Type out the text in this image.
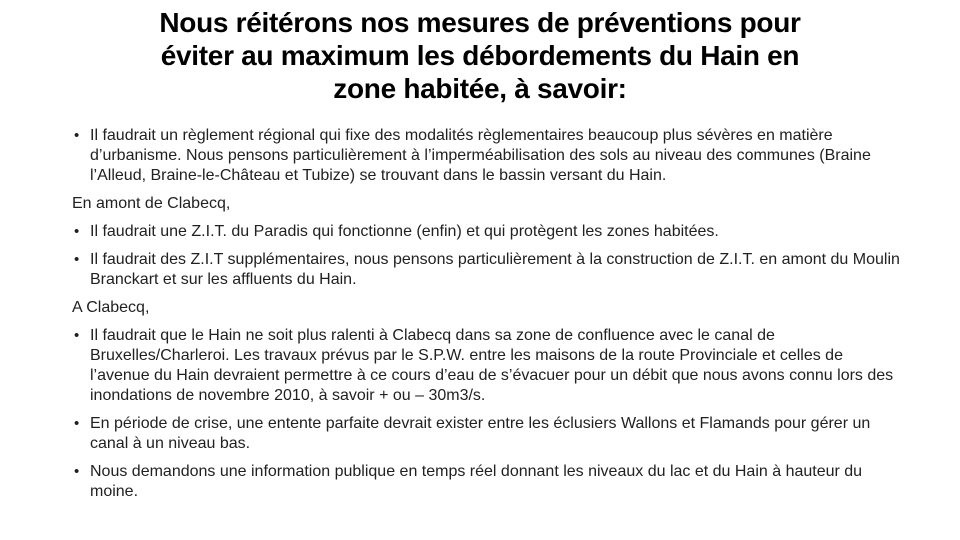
Nous réitérons nos mesures de préventions pour
éviter au maximum les débordements du Hain en
zone habitée, à savoir:
•
Il faudrait un règlement régional qui fixe des modalités règlementaires beaucoup plus sévères en matière d’urbanisme. Nous pensons particulièrement à l’imperméabilisation des sols au niveau des communes (Braine l’Alleud, Braine-le-Château et Tubize) se trouvant dans le bassin versant du Hain.
En amont de Clabecq,
•
Il faudrait une Z.I.T. du Paradis qui fonctionne (enfin) et qui protègent les zones habitées.
•
Il faudrait des Z.I.T supplémentaires, nous pensons particulièrement à la construction de Z.I.T. en amont du Moulin Branckart et sur les affluents du Hain.
A Clabecq,
•
Il faudrait que le Hain ne soit plus ralenti à Clabecq dans sa zone de confluence avec le canal de Bruxelles/Charleroi. Les travaux prévus par le S.P.W. entre les maisons de la route Provinciale et celles de l’avenue du Hain devraient permettre à ce cours d’eau de s’évacuer pour un débit que nous avons connu lors des inondations de novembre 2010, à savoir + ou – 30m3/s.
•
En période de crise, une entente parfaite devrait exister entre les éclusiers Wallons et Flamands pour gérer un canal à un niveau bas.
•
Nous demandons une information publique en temps réel donnant les niveaux du lac et du Hain à hauteur du moine.
